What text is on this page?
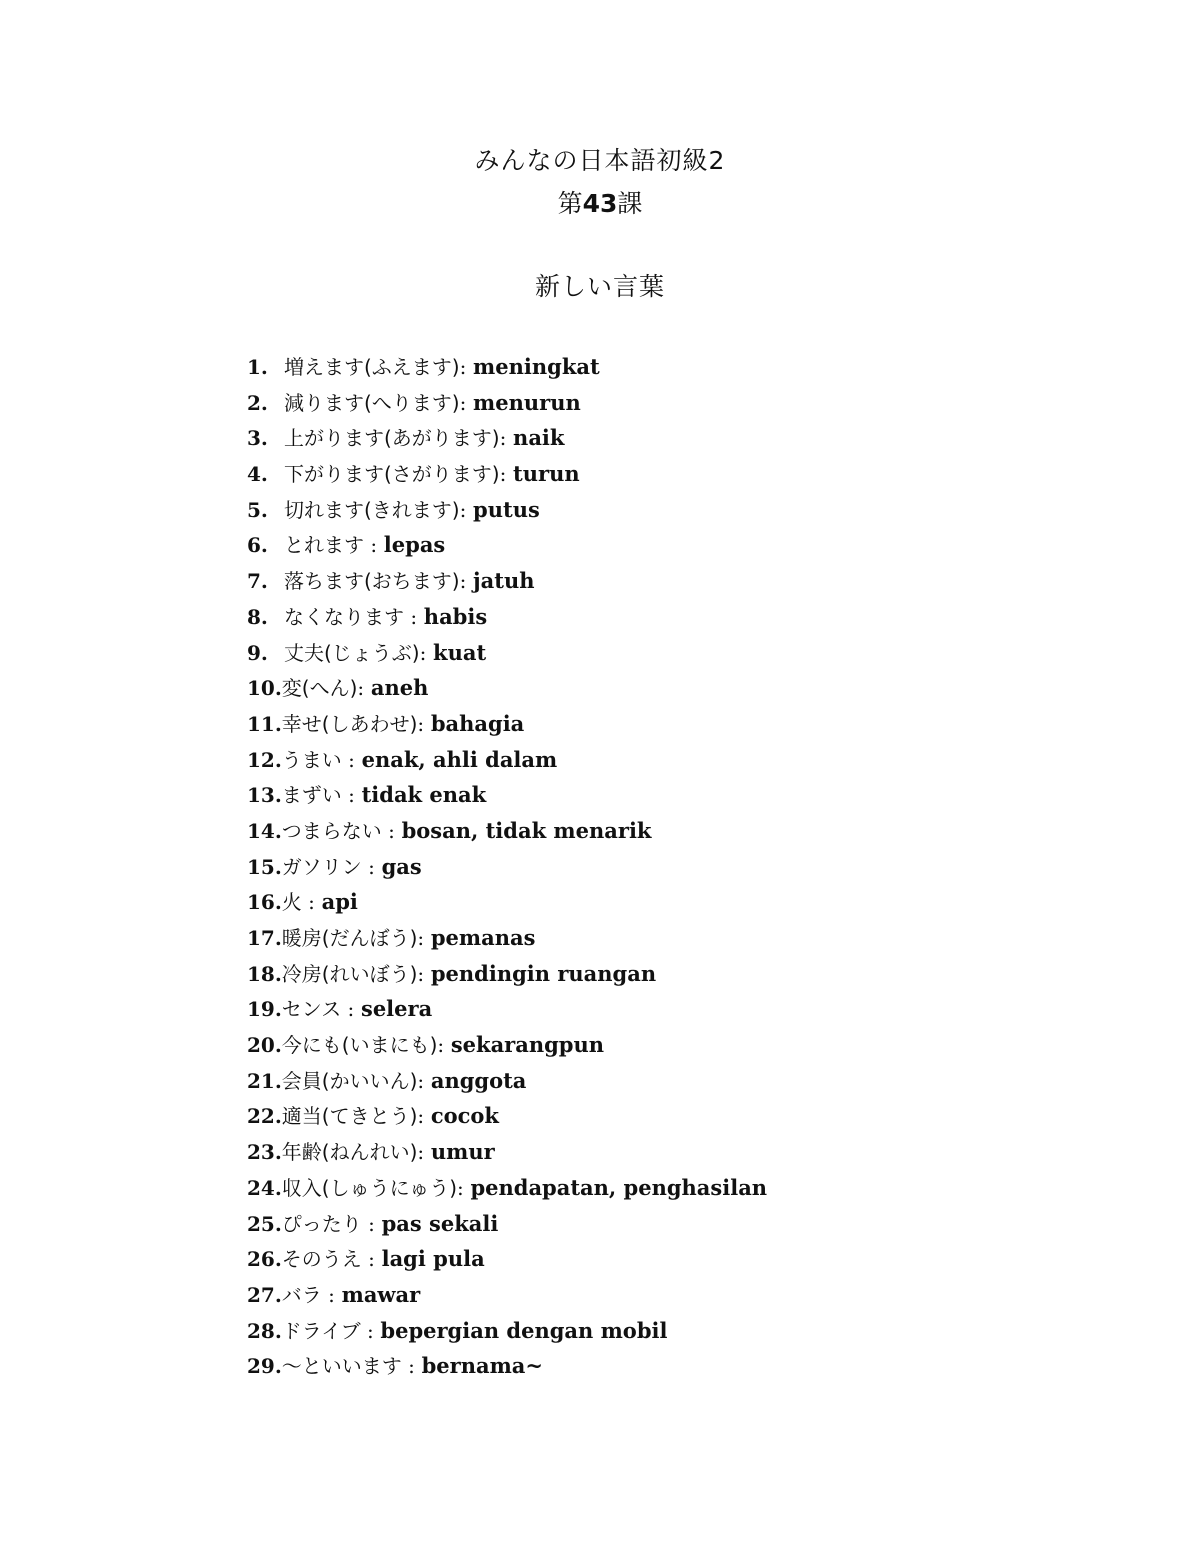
みんなの日本語初級2
第43課
新しい言葉
1. 増えます(ふえます): meningkat
2. 減ります(へります): menurun
3. 上がります(あがります): naik
4. 下がります(さがります): turun
5. 切れます(きれます): putus
6. とれます : lepas
7. 落ちます(おちます): jatuh
8. なくなります : habis
9. 丈夫(じょうぶ): kuat
10.変(へん): aneh
11.幸せ(しあわせ): bahagia
12.うまい : enak, ahli dalam
13.まずい : tidak enak
14.つまらない : bosan, tidak menarik
15.ガソリン : gas
16.火 : api
17.暖房(だんぼう): pemanas
18.冷房(れいぼう): pendingin ruangan
19.センス : selera
20.今にも(いまにも): sekarangpun
21.会員(かいいん): anggota
22.適当(てきとう): cocok
23.年齢(ねんれい): umur
24.収入(しゅうにゅう): pendapatan, penghasilan
25.ぴったり : pas sekali
26.そのうえ : lagi pula
27.バラ : mawar
28.ドライブ : bepergian dengan mobil
29.～といいます : bernama~
